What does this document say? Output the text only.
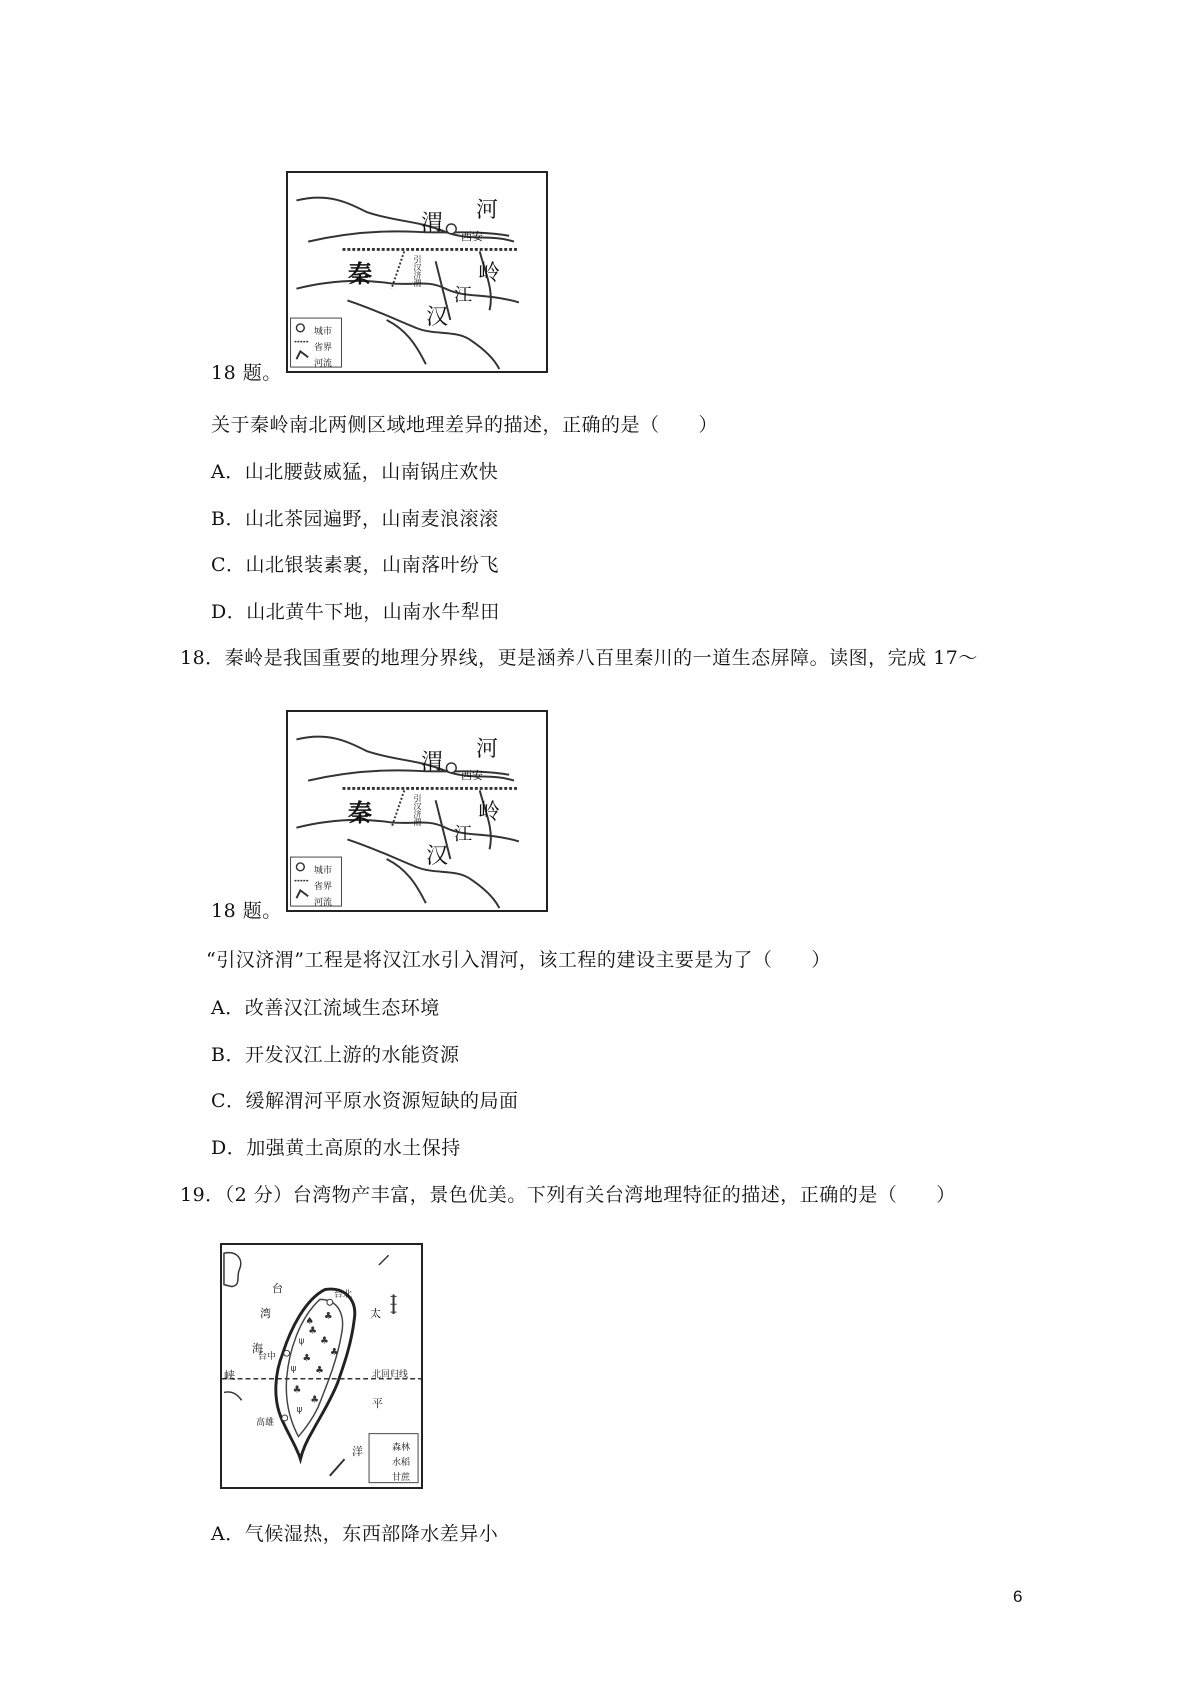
渭
河
西安
秦	岭
汉
江
引汉济渭
城市
省界
河流
18 题。
关于秦岭南北两侧区域地理差异的描述，正确的是（　　）
A．山北腰鼓威猛，山南锅庄欢快
B．山北茶园遍野，山南麦浪滚滚
C．山北银装素裹，山南落叶纷飞
D．山北黄牛下地，山南水牛犁田
18．秦岭是我国重要的地理分界线，更是涵养八百里秦川的一道生态屏障。读图，完成 17～
渭
河
西安
秦	岭
汉
江
引汉济渭
城市
省界
河流
18 题。
“引汉济渭”工程是将汉江水引入渭河，该工程的建设主要是为了（　　）
A．改善汉江流域生态环境
B．开发汉江上游的水能资源
C．缓解渭河平原水资源短缺的局面
D．加强黄土高原的水土保持
19．（2 分）台湾物产丰富，景色优美。下列有关台湾地理特征的描述，正确的是（　　）
♣
♣
♣
♣
♣
♣
♠ ♣
♣
ψ
ψ
ψ
台
湾
海
峡
太
平
洋
北回归线
台北
台中
高雄
森林
水稻
甘蔗
A．气候湿热，东西部降水差异小
6
